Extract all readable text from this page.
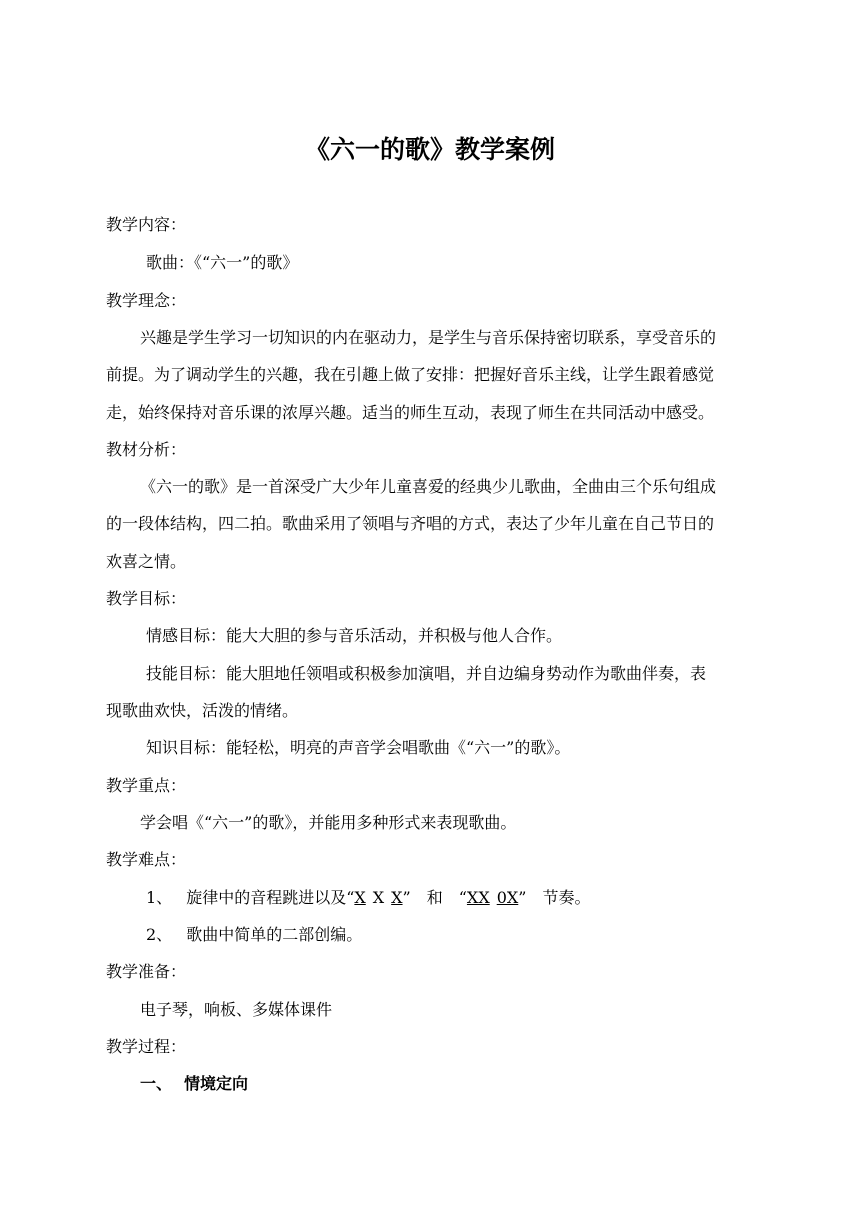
《六一的歌》教学案例
教学内容：
歌曲：《“六一”的歌》
教学理念：
兴趣是学生学习一切知识的内在驱动力，是学生与音乐保持密切联系，享受音乐的
前提。为了调动学生的兴趣，我在引趣上做了安排：把握好音乐主线，让学生跟着感觉
走，始终保持对音乐课的浓厚兴趣。适当的师生互动，表现了师生在共同活动中感受。
教材分析：
《六一的歌》是一首深受广大少年儿童喜爱的经典少儿歌曲，全曲由三个乐句组成
的一段体结构，四二拍。歌曲采用了领唱与齐唱的方式，表达了少年儿童在自己节日的
欢喜之情。
教学目标：
情感目标：能大大胆的参与音乐活动，并积极与他人合作。
技能目标：能大胆地任领唱或积极参加演唱，并自边编身势动作为歌曲伴奏，表
现歌曲欢快，活泼的情绪。
知识目标：能轻松，明亮的声音学会唱歌曲《“六一”的歌》。
教学重点：
学会唱《“六一”的歌》，并能用多种形式来表现歌曲。
教学难点：
1、 旋律中的音程跳进以及“X X X”　和　“XX 0X”　节奏。
2、 歌曲中简单的二部创编。
教学准备：
电子琴，响板、多媒体课件
教学过程：
一、 情境定向
